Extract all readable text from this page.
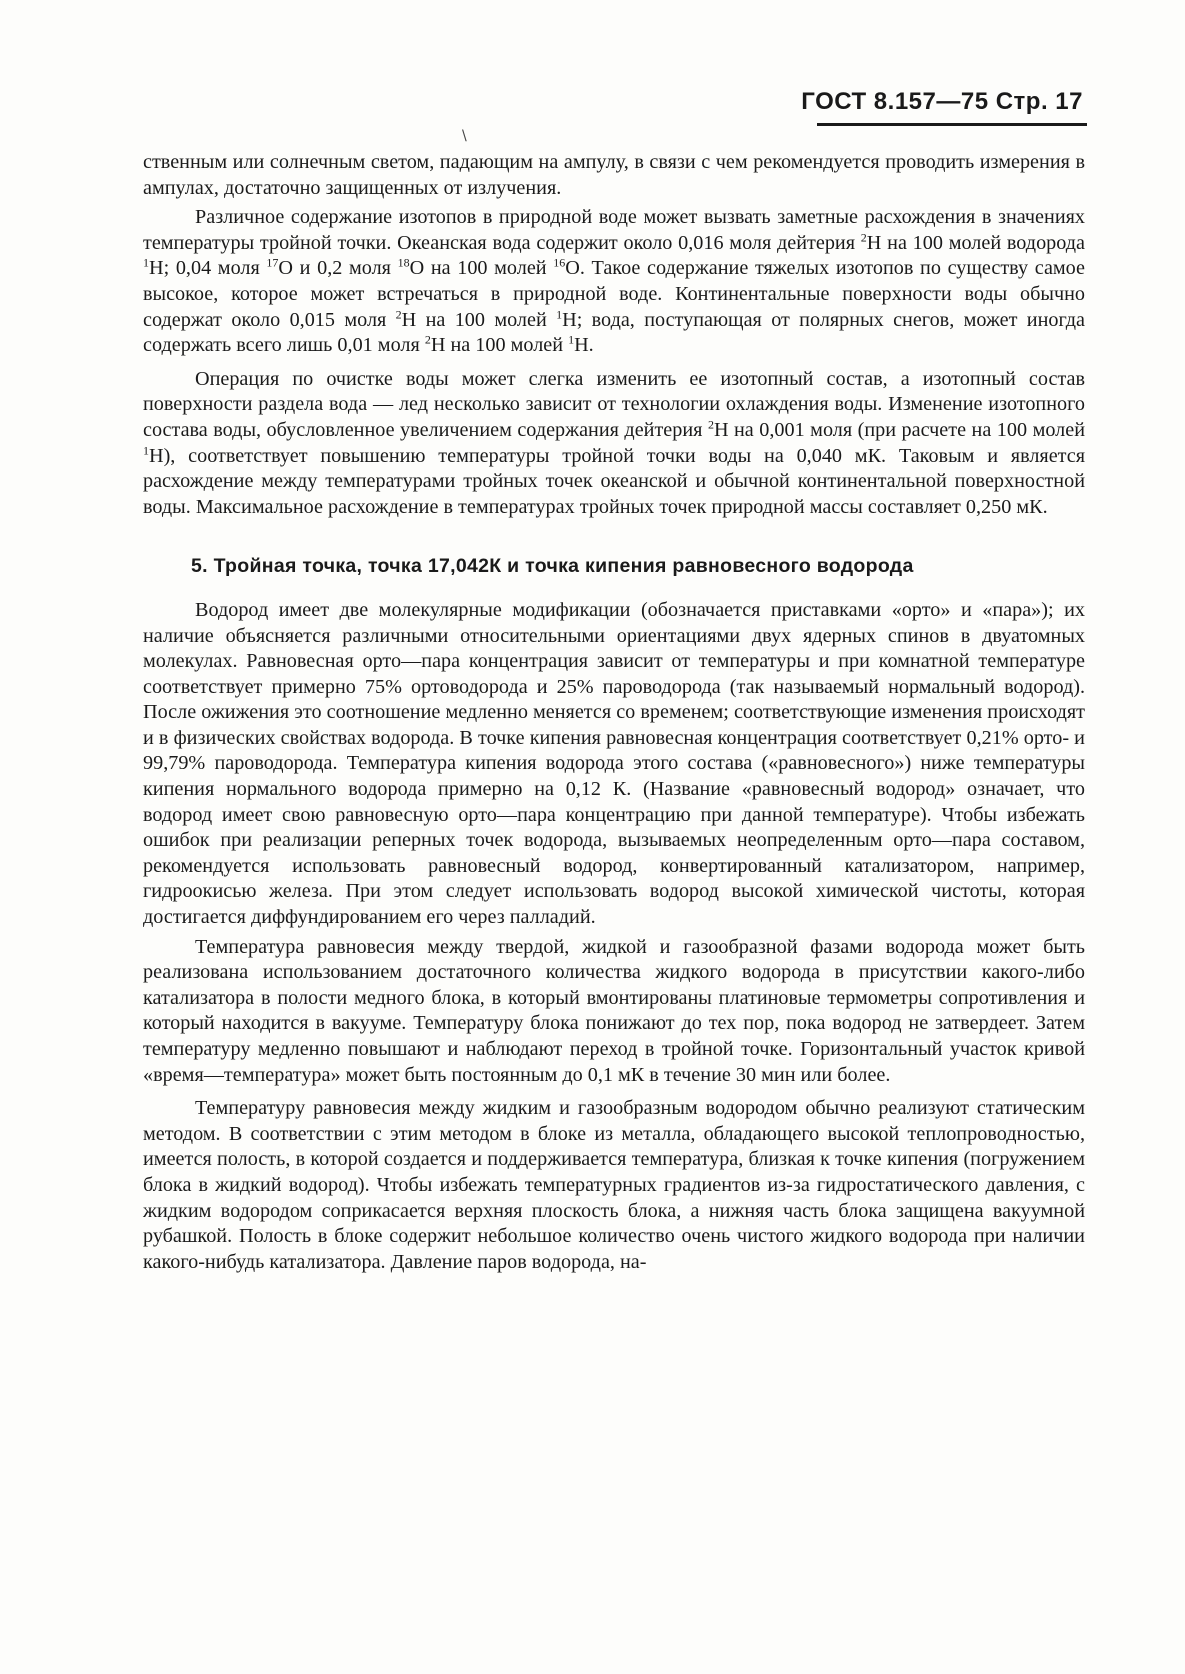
ГОСТ 8.157—75 Стр. 17
\

ственным или солнечным светом, падающим на ампулу, в связи с чем рекомендуется проводить измерения в ампулах, достаточно защищенных от излучения.

Различное содержание изотопов в природной воде может вызвать заметные расхождения в значениях температуры тройной точки. Океанская вода содержит около 0,016 моля дейтерия $^2$H на 100 молей водорода $^1$H; 0,04 моля $^{17}$O и 0,2 моля $^{18}$O на 100 молей $^{16}$O. Такое содержание тяжелых изотопов по существу самое высокое, которое может встречаться в природной воде. Континентальные поверхности воды обычно содержат около 0,015 моля $^2$H на 100 молей $^1$H; вода, поступающая от полярных снегов, может иногда содержать всего лишь 0,01 моля $^2$H на 100 молей $^1$H.

Операция по очистке воды может слегка изменить ее изотопный состав, а изотопный состав поверхности раздела вода — лед несколько зависит от технологии охлаждения воды. Изменение изотопного состава воды, обусловленное увеличением содержания дейтерия $^2$H на 0,001 моля (при расчете на 100 молей $^1$H), соответствует повышению температуры тройной точки воды на 0,040 мК. Таковым и является расхождение между температурами тройных точек океанской и обычной континентальной поверхностной воды. Максимальное расхождение в температурах тройных точек природной массы составляет 0,250 мК.

5. Тройная точка, точка 17,042К и точка кипения равновесного водорода

Водород имеет две молекулярные модификации (обозначается приставками «орто» и «пара»); их наличие объясняется различными относительными ориентациями двух ядерных спинов в двуатомных молекулах. Равновесная орто—пара концентрация зависит от температуры и при комнатной температуре соответствует примерно 75% ортоводорода и 25% пароводорода (так называемый нормальный водород). После ожижения это соотношение медленно меняется со временем; соответствующие изменения происходят и в физических свойствах водорода. В точке кипения равновесная концентрация соответствует 0,21% орто- и 99,79% пароводорода. Температура кипения водорода этого состава («равновесного») ниже температуры кипения нормального водорода примерно на 0,12 К. (Название «равновесный водород» означает, что водород имеет свою равновесную орто—пара концентрацию при данной температуре). Чтобы избежать ошибок при реализации реперных точек водорода, вызываемых неопределенным орто—пара составом, рекомендуется использовать равновесный водород, конвертированный катализатором, например, гидроокисью железа. При этом следует использовать водород высокой химической чистоты, которая достигается диффундированием его через палладий.

Температура равновесия между твердой, жидкой и газообразной фазами водорода может быть реализована использованием достаточного количества жидкого водорода в присутствии какого-либо катализатора в полости медного блока, в который вмонтированы платиновые термометры сопротивления и который находится в вакууме. Температуру блока понижают до тех пор, пока водород не затвердеет. Затем температуру медленно повышают и наблюдают переход в тройной точке. Горизонтальный участок кривой «время—температура» может быть постоянным до 0,1 мК в течение 30 мин или более.

Температуру равновесия между жидким и газообразным водородом обычно реализуют статическим методом. В соответствии с этим методом в блоке из металла, обладающего высокой теплопроводностью, имеется полость, в которой создается и поддерживается температура, близкая к точке кипения (погружением блока в жидкий водород). Чтобы избежать температурных градиентов из-за гидростатического давления, с жидким водородом соприкасается верхняя плоскость блока, а нижняя часть блока защищена вакуумной рубашкой. Полость в блоке содержит небольшое количество очень чистого жидкого водорода при наличии какого-нибудь катализатора. Давление паров водорода, на-
